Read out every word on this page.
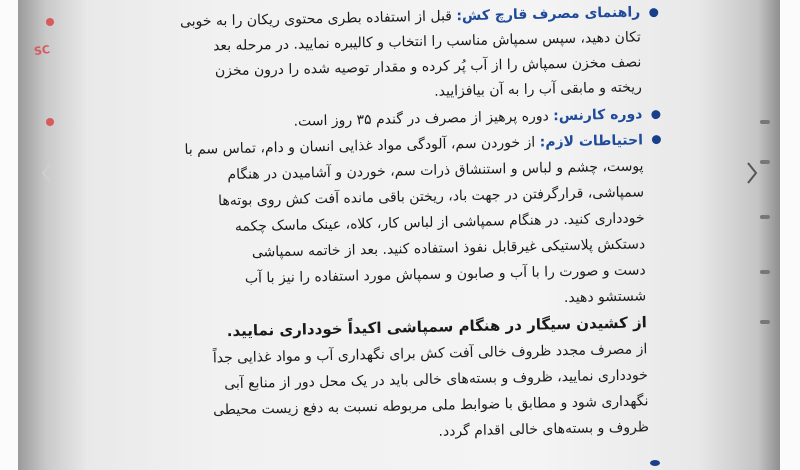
SC
راهنمای مصرف قارچ کش: قبل از استفاده بطری محتوی ریکان را به خوبی
تکان دهید، سپس سمپاش مناسب را انتخاب و کالیبره نمایید. در مرحله بعد
نصف مخزن سمپاش را از آب پُر کرده و مقدار توصیه شده را درون مخزن
ریخته و مابقی آب را به آن بیافزایید.
دوره کارنس: دوره پرهیز از مصرف در گندم ۳۵ روز است.
احتیاطات لازم: از خوردن سم، آلودگی مواد غذایی انسان و دام، تماس سم با
پوست، چشم و لباس و استنشاق ذرات سم، خوردن و آشامیدن در هنگام
سمپاشی، قرارگرفتن در جهت باد، ریختن باقی مانده آفت کش روی بوته‌ها
خودداری کنید. در هنگام سمپاشی از لباس کار، کلاه، عینک ماسک چکمه
دستکش پلاستیکی غیرقابل نفوذ استفاده کنید. بعد از خاتمه سمپاشی
دست و صورت را با آب و صابون و سمپاش مورد استفاده را نیز با آب
شستشو دهید.
از کشیدن سیگار در هنگام سمپاشی اکیداً خودداری نمایید.
از مصرف مجدد ظروف خالی آفت کش برای نگهداری آب و مواد غذایی جداً
خودداری نمایید، ظروف و بسته‌های خالی باید در یک محل دور از منابع آبی
نگهداری شود و مطابق با ضوابط ملی مربوطه نسبت به دفع زیست محیطی
ظروف و بسته‌های خالی اقدام گردد.
